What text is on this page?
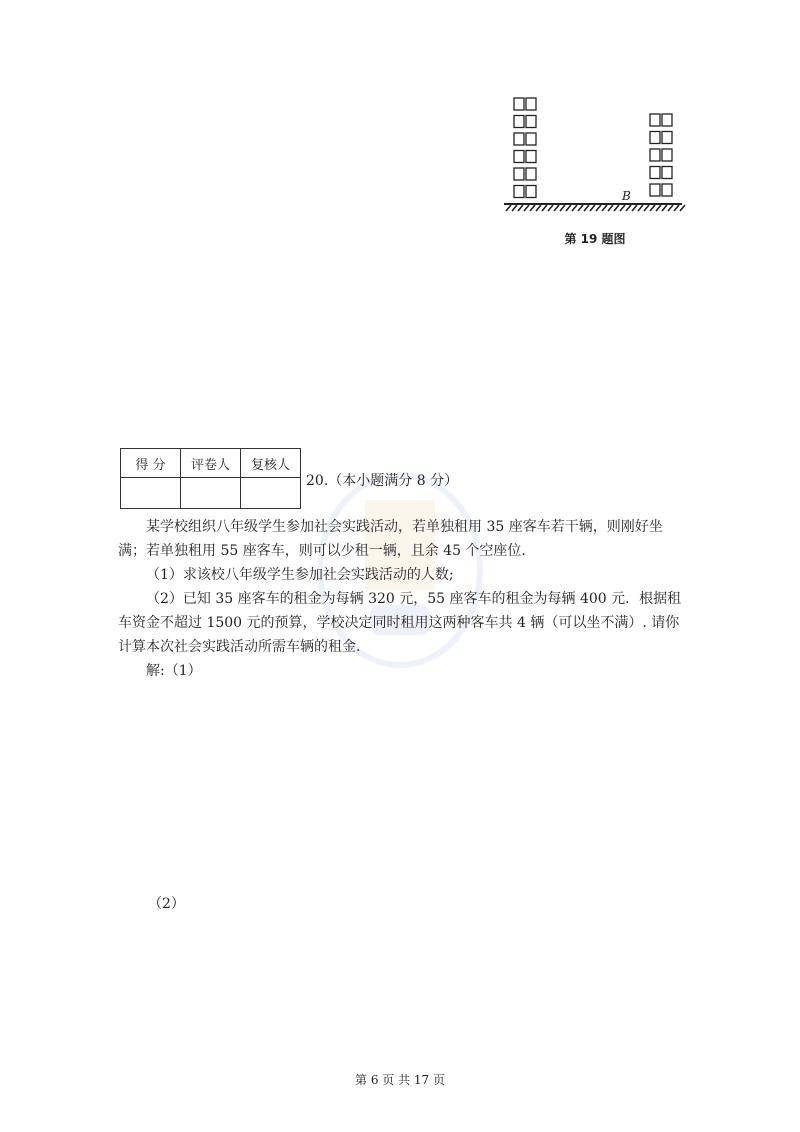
B
第 19 题图
得 分	评卷人	复核人

20.（本小题满分 8 分）

某学校组织八年级学生参加社会实践活动，若单独租用 35 座客车若干辆，则刚好坐满；若单独租用 55 座客车，则可以少租一辆，且余 45 个空座位.

（1）求该校八年级学生参加社会实践活动的人数;

（2）已知 35 座客车的租金为每辆 320 元，55 座客车的租金为每辆 400 元．根据租车资金不超过 1500 元的预算，学校决定同时租用这两种客车共 4 辆（可以坐不满）. 请你计算本次社会实践活动所需车辆的租金.

解:（1）

（2）
第 6 页 共 17 页
